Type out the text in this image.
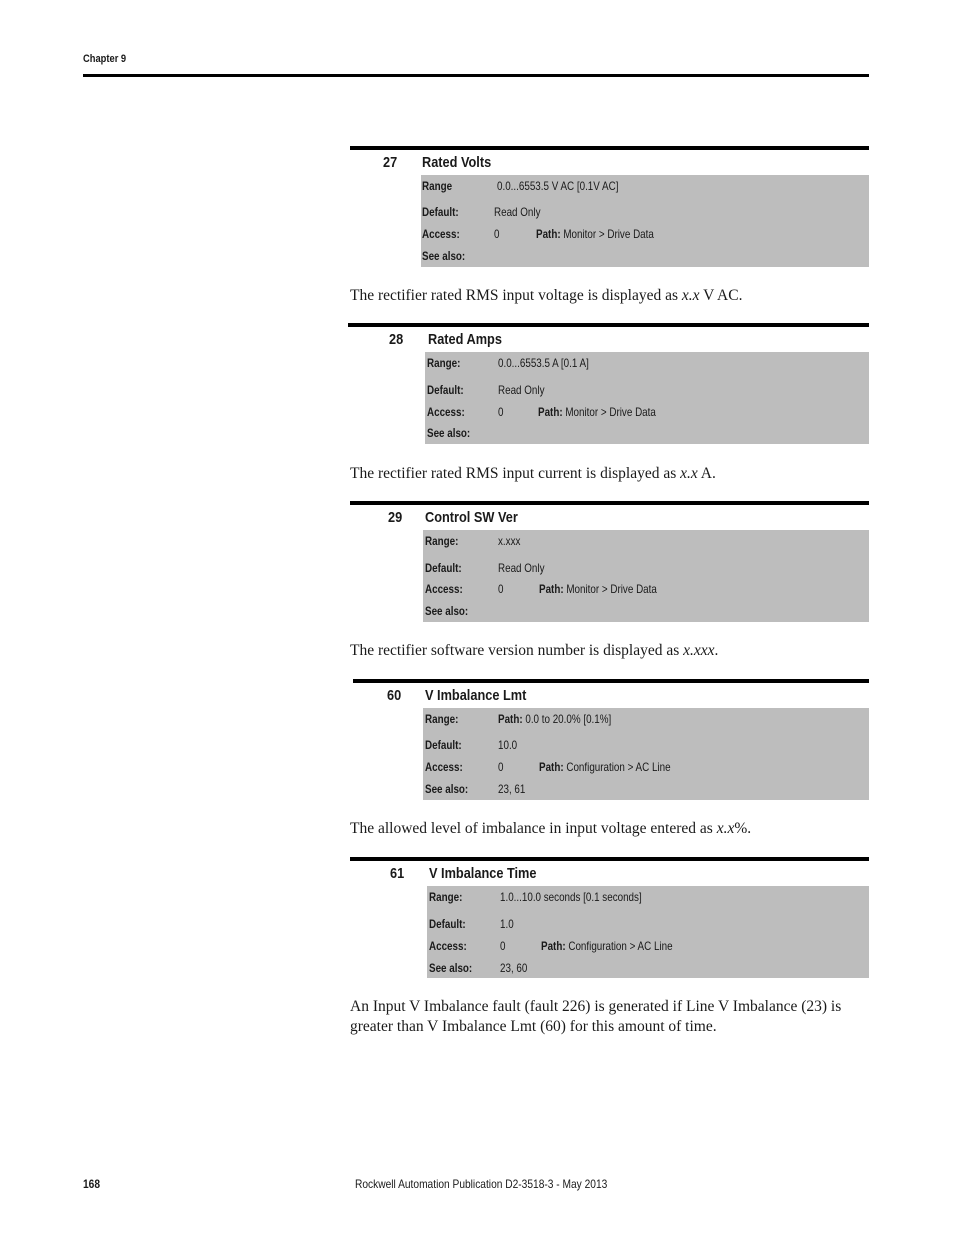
Chapter 9
27 Rated Volts
Range	0.0...6553.5 V AC [0.1V AC]
Default:	Read Only
Access:	0	Path: Monitor > Drive Data
See also:
The rectifier rated RMS input voltage is displayed as x.x V AC.
28 Rated Amps
Range:	0.0...6553.5 A [0.1 A]
Default:	Read Only
Access:	0	Path: Monitor > Drive Data
See also:
The rectifier rated RMS input current is displayed as x.x A.
29 Control SW Ver
Range:	x.xxx
Default:	Read Only
Access:	0	Path: Monitor > Drive Data
See also:
The rectifier software version number is displayed as x.xxx.
60 V Imbalance Lmt
Range:	Path: 0.0 to 20.0% [0.1%]
Default:	10.0
Access:	0	Path: Configuration > AC Line
See also: 23, 61
The allowed level of imbalance in input voltage entered as x.x%.
61 V Imbalance Time
Range:	1.0...10.0 seconds [0.1 seconds]
Default:	1.0
Access:	0	Path: Configuration > AC Line
See also: 23, 60
An Input V Imbalance fault (fault 226) is generated if Line V Imbalance (23) is greater than V Imbalance Lmt (60) for this amount of time.
168	Rockwell Automation Publication D2-3518-3 - May 2013
